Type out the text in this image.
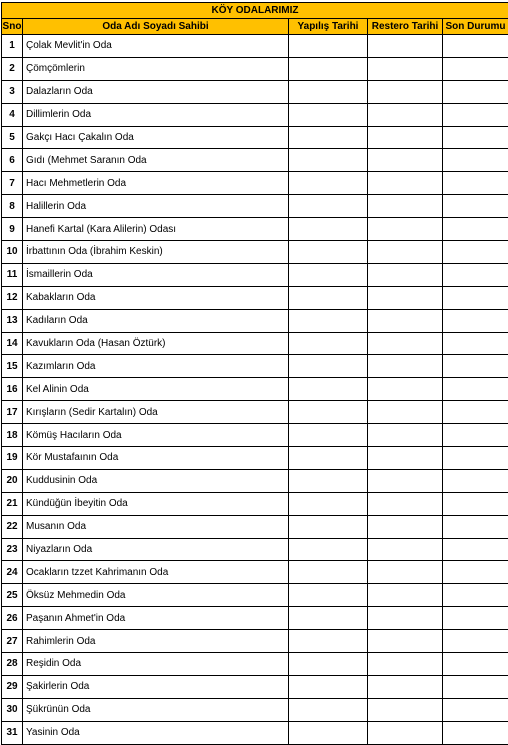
KÖY ODALARIMIZ				
Sno	Oda Adı Soyadı Sahibi	Yapılış Tarihi	Restero Tarihi	Son Durumu
1	Çolak Mevlit'in Oda			
2	Çömçömlerin			
3	Dalazların Oda			
4	Dillimlerin Oda			
5	Gakçı Hacı Çakalın Oda			
6	Gıdı (Mehmet Saranın Oda			
7	Hacı Mehmetlerin Oda			
8	Halillerin Oda			
9	Hanefi Kartal (Kara Alilerin) Odası			
10	İrbattının Oda (İbrahim Keskin)			
11	İsmaillerin Oda			
12	Kabakların Oda			
13	Kadıların Oda			
14	Kavukların Oda (Hasan Öztürk)			
15	Kazımların Oda			
16	Kel Alinin Oda			
17	Kırışların (Sedir Kartalın) Oda			
18	Kömüş Hacıların Oda			
19	Kör Mustafaının Oda			
20	Kuddusinin Oda			
21	Kündüğün İbeyitin Oda			
22	Musanın Oda			
23	Niyazların Oda			
24	Ocakların tzzet Kahrimanın Oda			
25	Öksüz Mehmedin Oda			
26	Paşanın Ahmet'in Oda			
27	Rahimlerin Oda			
28	Reşidin Oda			
29	Şakirlerin Oda			
30	Şükrünün Oda			
31	Yasinin Oda			
